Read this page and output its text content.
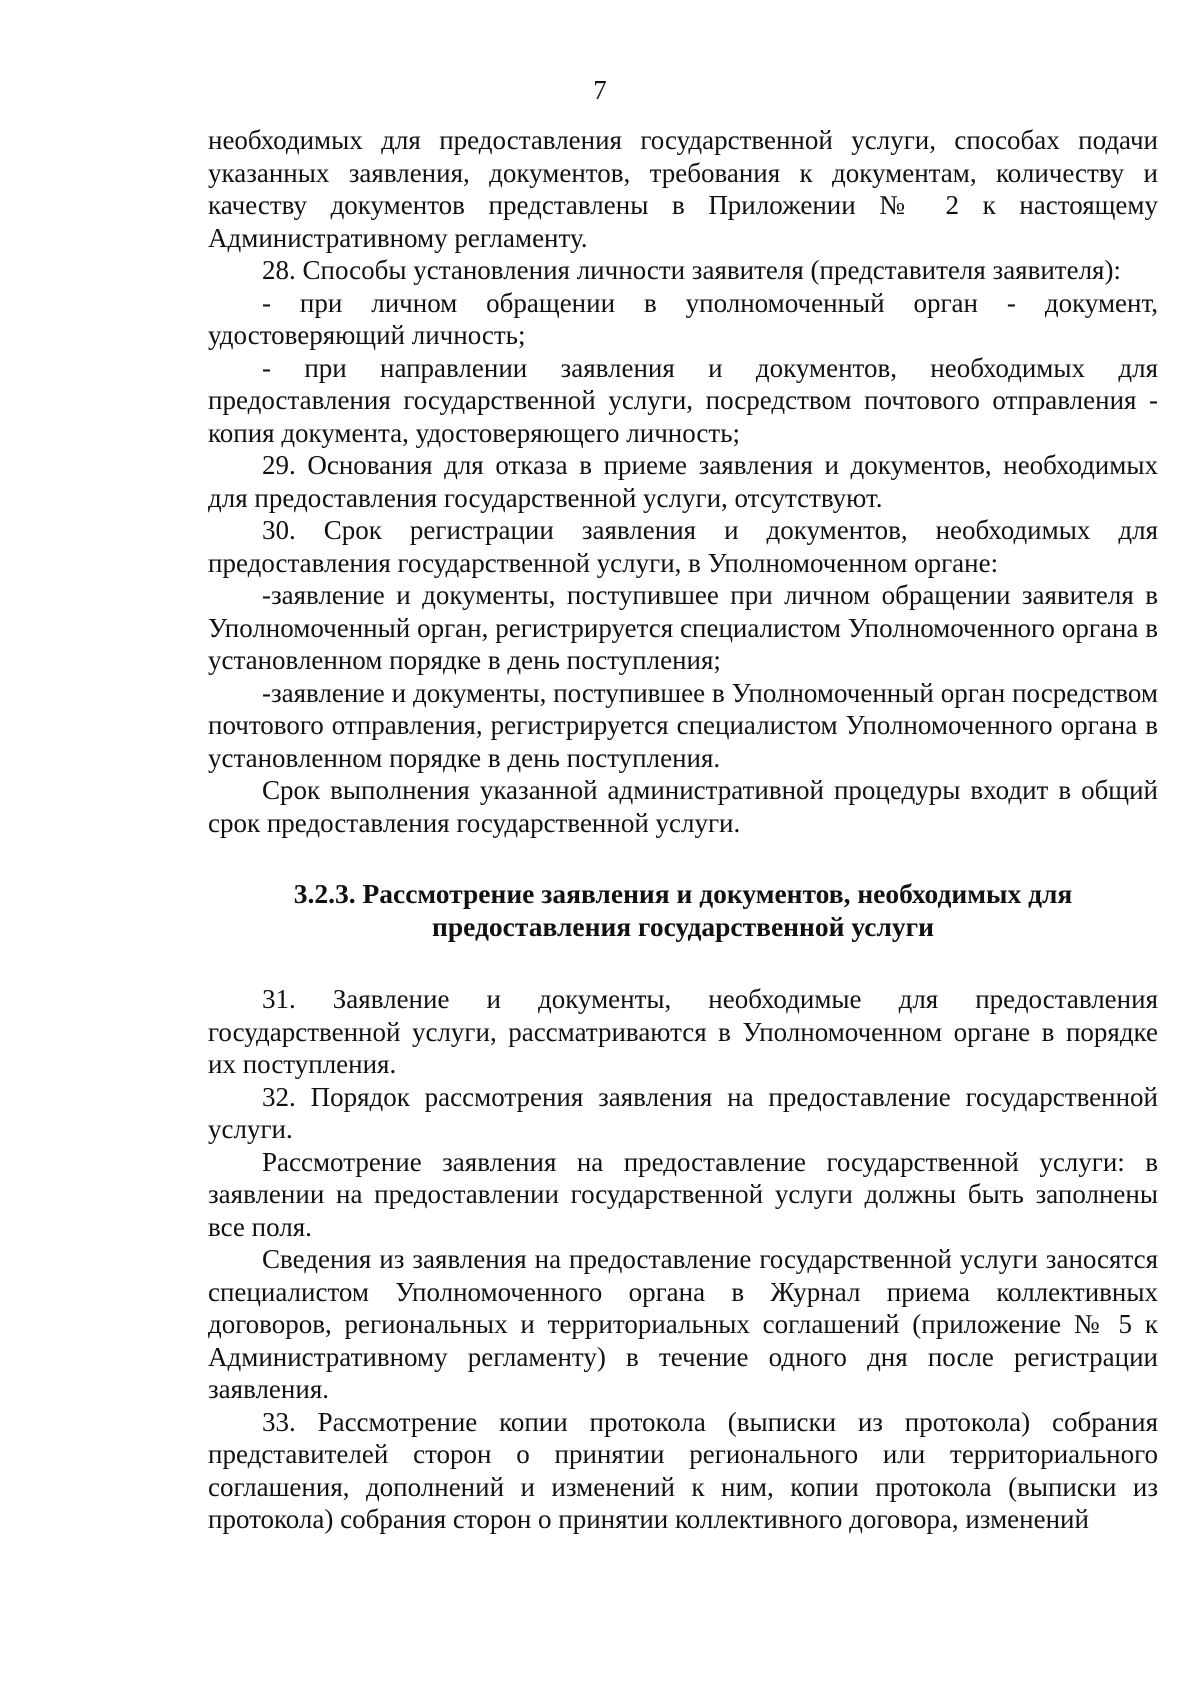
7

необходимых для предоставления государственной услуги, способах подачи указанных заявления, документов, требования к документам, количеству и качеству документов представлены в Приложении № 2 к настоящему Административному регламенту.

28. Способы установления личности заявителя (представителя заявителя):

- при личном обращении в уполномоченный орган - документ, удостоверяющий личность;

- при направлении заявления и документов, необходимых для предоставления государственной услуги, посредством почтового отправления - копия документа, удостоверяющего личность;

29. Основания для отказа в приеме заявления и документов, необходимых для предоставления государственной услуги, отсутствуют.

30. Срок регистрации заявления и документов, необходимых для предоставления государственной услуги, в Уполномоченном органе:

-заявление и документы, поступившее при личном обращении заявителя в Уполномоченный орган, регистрируется специалистом Уполномоченного органа в установленном порядке в день поступления;

-заявление и документы, поступившее в Уполномоченный орган посредством почтового отправления, регистрируется специалистом Уполномоченного органа в установленном порядке в день поступления.

Срок выполнения указанной административной процедуры входит в общий срок предоставления государственной услуги.

3.2.3. Рассмотрение заявления и документов, необходимых для предоставления государственной услуги

31. Заявление и документы, необходимые для предоставления государственной услуги, рассматриваются в Уполномоченном органе в порядке их поступления.

32. Порядок рассмотрения заявления на предоставление государственной услуги.

Рассмотрение заявления на предоставление государственной услуги: в заявлении на предоставлении государственной услуги должны быть заполнены все поля.

Сведения из заявления на предоставление государственной услуги заносятся специалистом Уполномоченного органа в Журнал приема коллективных договоров, региональных и территориальных соглашений (приложение № 5 к Административному регламенту) в течение одного дня после регистрации заявления.

33. Рассмотрение копии протокола (выписки из протокола) собрания представителей сторон о принятии регионального или территориального соглашения, дополнений и изменений к ним, копии протокола (выписки из протокола) собрания сторон о принятии коллективного договора, изменений
